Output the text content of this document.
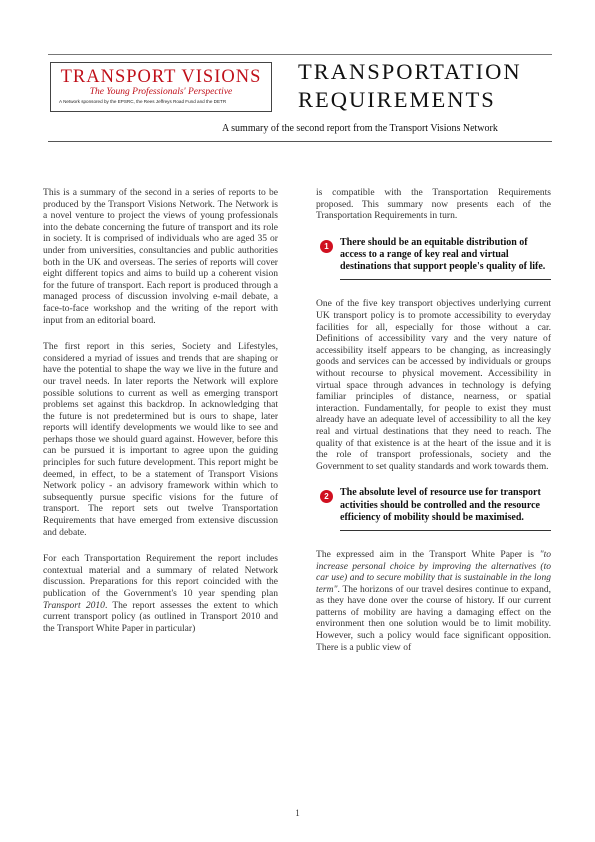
TRANSPORT VISIONS
The Young Professionals' Perspective
A Network sponsored by the EPSRC, the Rees Jeffreys Road Fund and the DETR
TRANSPORTATION
REQUIREMENTS
A summary of the second report from the Transport Visions Network

This is a summary of the second in a series of reports to be produced by the Transport Visions Network. The Network is a novel venture to project the views of young professionals into the debate concerning the future of transport and its role in society. It is comprised of individuals who are aged 35 or under from universities, consultancies and public authorities both in the UK and overseas. The series of reports will cover eight different topics and aims to build up a coherent vision for the future of transport. Each report is produced through a managed process of discussion involving e-mail debate, a face-to-face workshop and the writing of the report with input from an editorial board.

The first report in this series, Society and Lifestyles, considered a myriad of issues and trends that are shaping or have the potential to shape the way we live in the future and our travel needs. In later reports the Network will explore possible solutions to current as well as emerging transport problems set against this backdrop. In acknowledging that the future is not predetermined but is ours to shape, later reports will identify developments we would like to see and perhaps those we should guard against. However, before this can be pursued it is important to agree upon the guiding principles for such future development. This report might be deemed, in effect, to be a statement of Transport Visions Network policy - an advisory framework within which to subsequently pursue specific visions for the future of transport. The report sets out twelve Transportation Requirements that have emerged from extensive discussion and debate.

For each Transportation Requirement the report includes contextual material and a summary of related Network discussion. Preparations for this report coincided with the publication of the Government's 10 year spending plan Transport 2010. The report assesses the extent to which current transport policy (as outlined in Transport 2010 and the Transport White Paper in particular)

is compatible with the Transportation Requirements proposed. This summary now presents each of the Transportation Requirements in turn.

1	There should be an equitable distribution of access to a range of key real and virtual destinations that support people's quality of life.

One of the five key transport objectives underlying current UK transport policy is to promote accessibility to everyday facilities for all, especially for those without a car. Definitions of accessibility vary and the very nature of accessibility itself appears to be changing, as increasingly goods and services can be accessed by individuals or groups without recourse to physical movement. Accessibility in virtual space through advances in technology is defying familiar principles of distance, nearness, or spatial interaction. Fundamentally, for people to exist they must already have an adequate level of accessibility to all the key real and virtual destinations that they need to reach. The quality of that existence is at the heart of the issue and it is the role of transport professionals, society and the Government to set quality standards and work towards them.

2	The absolute level of resource use for transport activities should be controlled and the resource efficiency of mobility should be maximised.

The expressed aim in the Transport White Paper is "to increase personal choice by improving the alternatives (to car use) and to secure mobility that is sustainable in the long term". The horizons of our travel desires continue to expand, as they have done over the course of history. If our current patterns of mobility are having a damaging effect on the environment then one solution would be to limit mobility. However, such a policy would face significant opposition. There is a public view of

1
